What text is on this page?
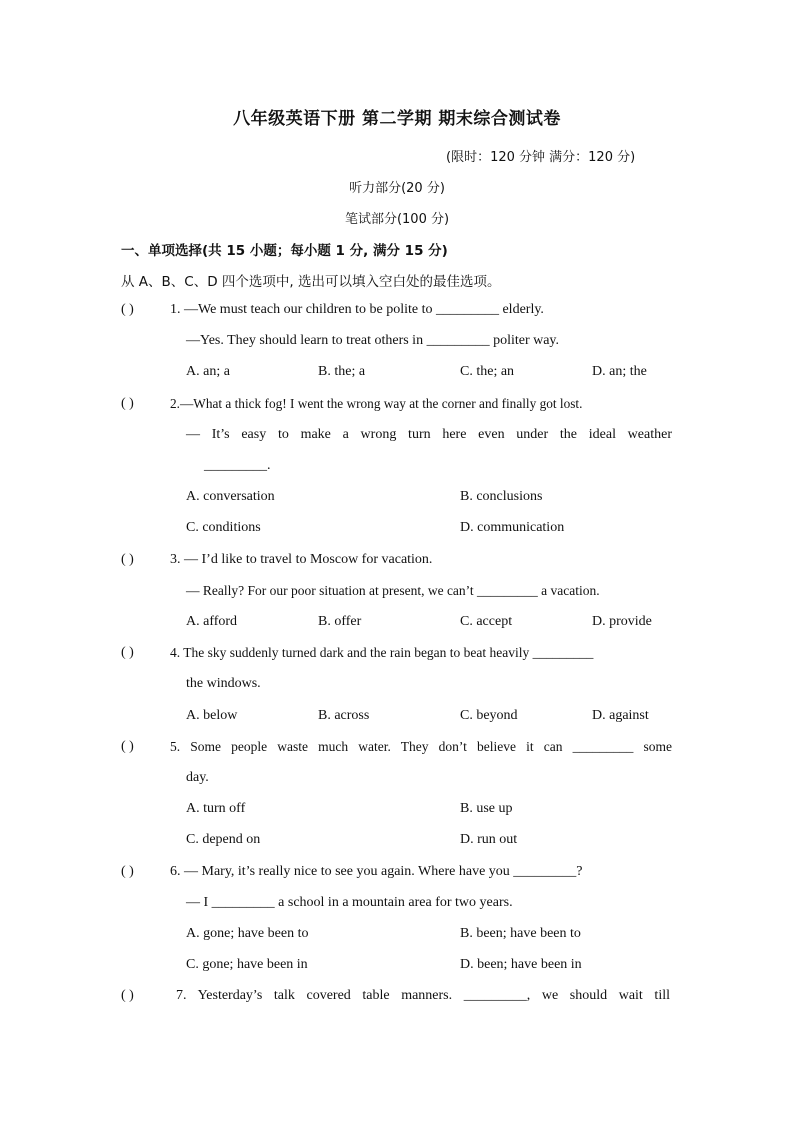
八年级英语下册 第二学期 期末综合测试卷
(限时：120 分钟 满分：120 分)
听力部分(20 分)
笔试部分(100 分)
一、单项选择(共 15 小题；每小题 1 分, 满分 15 分)
从 A、B、C、D 四个选项中, 选出可以填入空白处的最佳选项。
( )	1. —We must teach our children to be polite to _________ elderly.
—Yes. They should learn to treat others in _________ politer way.
A. an; a	B. the; a	C. the; an	D. an; the
( )	2.—What a thick fog! I went the wrong way at the corner and finally got lost.
— It’s easy to make a wrong turn here even under the ideal weather
_________.
A. conversation	B. conclusions
C. conditions	D. communication
( )	3. — I’d like to travel to Moscow for vacation.
— Really? For our poor situation at present, we can’t _________ a vacation.
A. afford	B. offer	C. accept	D. provide
( )	4. The sky suddenly turned dark and the rain began to beat heavily _________
the windows.
A. below	B. across	C. beyond	D. against
( )	5. Some people waste much water. They don’t believe it can _________ some
day.
A. turn off	B. use up
C. depend on	D. run out
( )	6. — Mary, it’s really nice to see you again. Where have you _________?
— I _________ a school in a mountain area for two years.
A. gone; have been to	B. been; have been to
C. gone; have been in	D. been; have been in
( )	7. Yesterday’s talk covered table manners. _________, we should wait till
